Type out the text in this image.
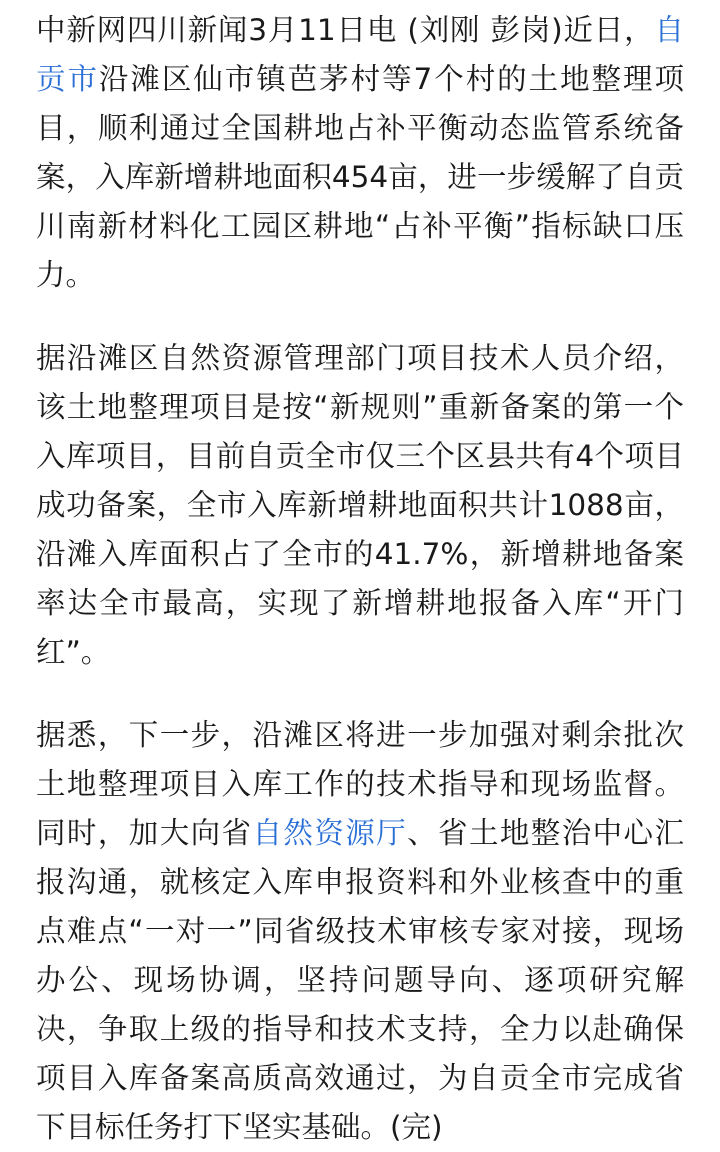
中新网四川新闻3月11日电 (刘刚 彭岗)近日，自贡市沿滩区仙市镇芭茅村等7个村的土地整理项目，顺利通过全国耕地占补平衡动态监管系统备案，入库新增耕地面积454亩，进一步缓解了自贡川南新材料化工园区耕地“占补平衡”指标缺口压力。

据沿滩区自然资源管理部门项目技术人员介绍，该土地整理项目是按“新规则”重新备案的第一个入库项目，目前自贡全市仅三个区县共有4个项目成功备案，全市入库新增耕地面积共计1088亩，沿滩入库面积占了全市的41.7%，新增耕地备案率达全市最高，实现了新增耕地报备入库“开门红”。

据悉，下一步，沿滩区将进一步加强对剩余批次土地整理项目入库工作的技术指导和现场监督。同时，加大向省自然资源厅、省土地整治中心汇报沟通，就核定入库申报资料和外业核查中的重点难点“一对一”同省级技术审核专家对接，现场办公、现场协调，坚持问题导向、逐项研究解决，争取上级的指导和技术支持，全力以赴确保项目入库备案高质高效通过，为自贡全市完成省下目标任务打下坚实基础。(完)
